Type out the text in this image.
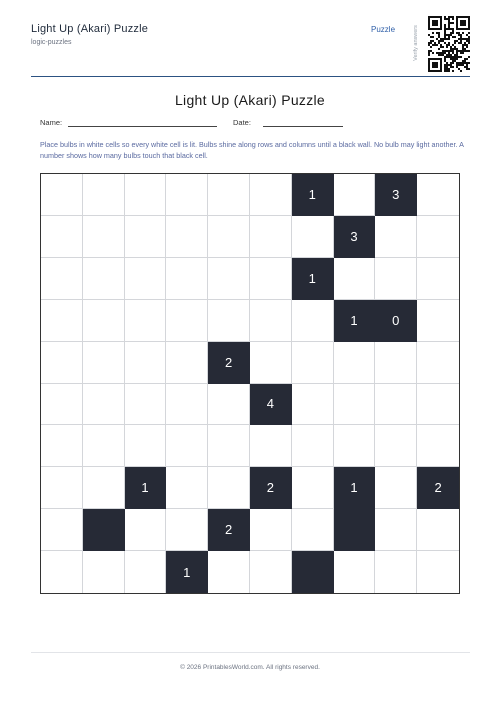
Light Up (Akari) Puzzle
logic-puzzles
Puzzle	Verify answers
Light Up (Akari) Puzzle
Name:	Date:
Place bulbs in white cells so every white cell is lit. Bulbs shine along rows and columns until a black wall. No bulb may light another. A number shows how many bulbs touch that black cell.
1	3
3
1
1	0
2
4
1	2	1	2
2
1
© 2026 PrintablesWorld.com. All rights reserved.
